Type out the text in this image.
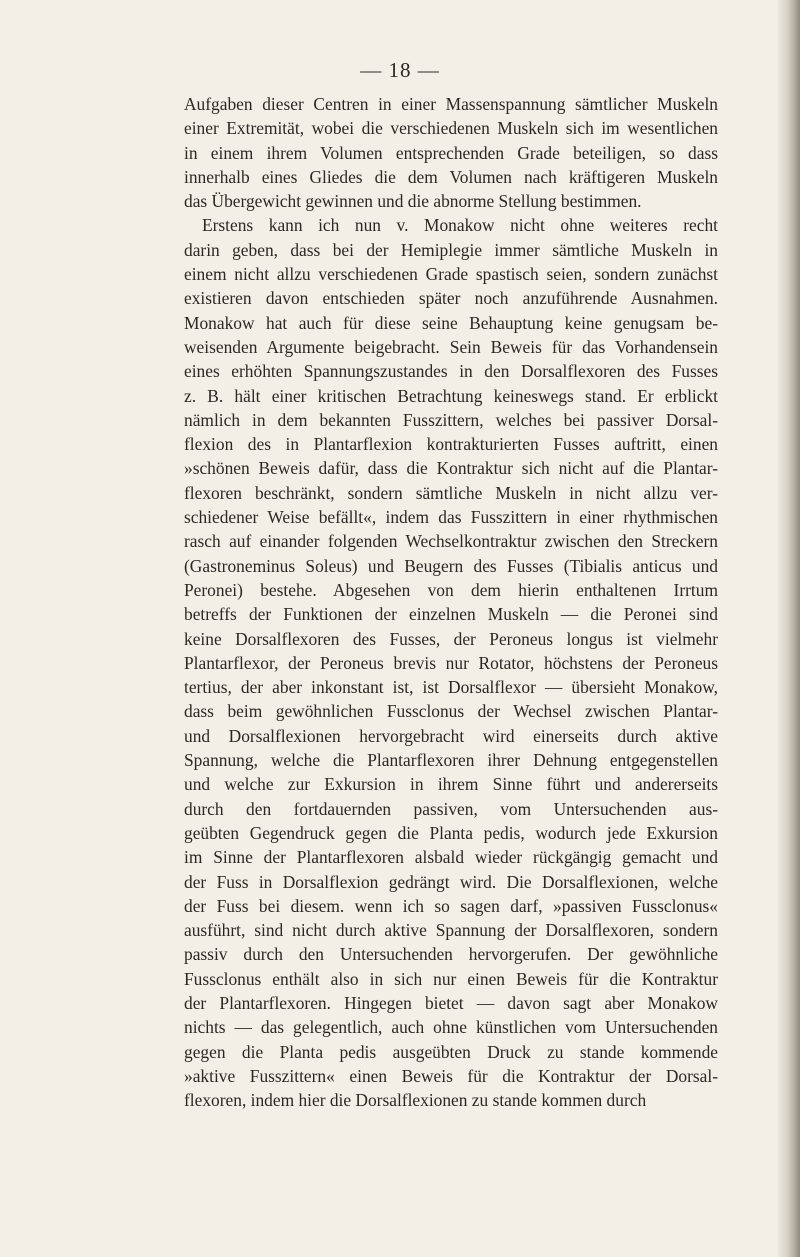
— 18 —
Aufgaben dieser Centren in einer Massenspannung sämtlicher Muskeln
einer Extremität, wobei die verschiedenen Muskeln sich im wesentlichen
in einem ihrem Volumen entsprechenden Grade beteiligen, so dass
innerhalb eines Gliedes die dem Volumen nach kräftigeren Muskeln
das Übergewicht gewinnen und die abnorme Stellung bestimmen.
Erstens kann ich nun v. Monakow nicht ohne weiteres recht
darin geben, dass bei der Hemiplegie immer sämtliche Muskeln in
einem nicht allzu verschiedenen Grade spastisch seien, sondern zunächst
existieren davon entschieden später noch anzuführende Ausnahmen.
Monakow hat auch für diese seine Behauptung keine genugsam be-
weisenden Argumente beigebracht. Sein Beweis für das Vorhandensein
eines erhöhten Spannungszustandes in den Dorsalflexoren des Fusses
z. B. hält einer kritischen Betrachtung keineswegs stand. Er erblickt
nämlich in dem bekannten Fusszittern, welches bei passiver Dorsal-
flexion des in Plantarflexion kontrakturierten Fusses auftritt, einen
»schönen Beweis dafür, dass die Kontraktur sich nicht auf die Plantar-
flexoren beschränkt, sondern sämtliche Muskeln in nicht allzu ver-
schiedener Weise befällt«, indem das Fusszittern in einer rhythmischen
rasch auf einander folgenden Wechselkontraktur zwischen den Streckern
(Gastroneminus Soleus) und Beugern des Fusses (Tibialis anticus und
Peronei) bestehe. Abgesehen von dem hierin enthaltenen Irrtum
betreffs der Funktionen der einzelnen Muskeln — die Peronei sind
keine Dorsalflexoren des Fusses, der Peroneus longus ist vielmehr
Plantarflexor, der Peroneus brevis nur Rotator, höchstens der Peroneus
tertius, der aber inkonstant ist, ist Dorsalflexor — übersieht Monakow,
dass beim gewöhnlichen Fussclonus der Wechsel zwischen Plantar-
und Dorsalflexionen hervorgebracht wird einerseits durch aktive
Spannung, welche die Plantarflexoren ihrer Dehnung entgegenstellen
und welche zur Exkursion in ihrem Sinne führt und andererseits
durch den fortdauernden passiven, vom Untersuchenden aus-
geübten Gegendruck gegen die Planta pedis, wodurch jede Exkursion
im Sinne der Plantarflexoren alsbald wieder rückgängig gemacht und
der Fuss in Dorsalflexion gedrängt wird. Die Dorsalflexionen, welche
der Fuss bei diesem. wenn ich so sagen darf, »passiven Fussclonus«
ausführt, sind nicht durch aktive Spannung der Dorsalflexoren, sondern
passiv durch den Untersuchenden hervorgerufen. Der gewöhnliche
Fussclonus enthält also in sich nur einen Beweis für die Kontraktur
der Plantarflexoren. Hingegen bietet — davon sagt aber Monakow
nichts — das gelegentlich, auch ohne künstlichen vom Untersuchenden
gegen die Planta pedis ausgeübten Druck zu stande kommende
»aktive Fusszittern« einen Beweis für die Kontraktur der Dorsal-
flexoren, indem hier die Dorsalflexionen zu stande kommen durch
